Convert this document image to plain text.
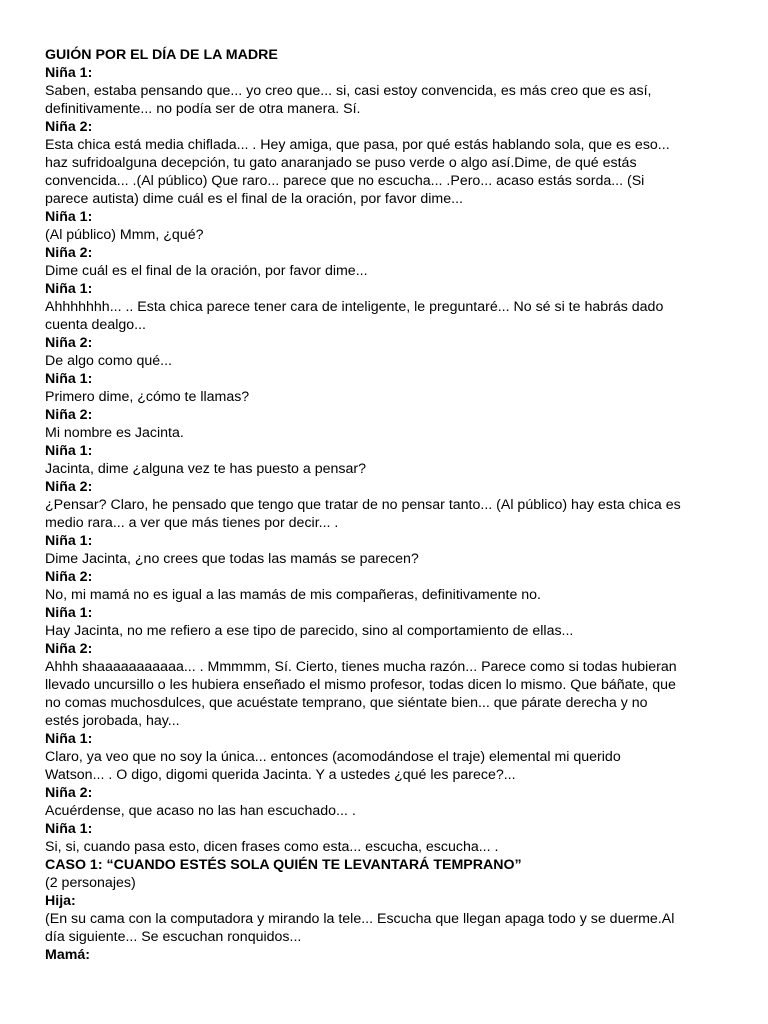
GUIÓN POR EL DÍA DE LA MADRE
Niña 1:
Saben, estaba pensando que... yo creo que... si, casi estoy convencida, es más creo que es así,
definitivamente... no podía ser de otra manera. Sí.
Niña 2:
Esta chica está media chiflada... . Hey amiga, que pasa, por qué estás hablando sola, que es eso...
haz sufridoalguna decepción, tu gato anaranjado se puso verde o algo así.Dime, de qué estás
convencida... .(Al público) Que raro... parece que no escucha... .Pero... acaso estás sorda... (Si
parece autista) dime cuál es el final de la oración, por favor dime...
Niña 1:
(Al público) Mmm, ¿qué?
Niña 2:
Dime cuál es el final de la oración, por favor dime...
Niña 1:
Ahhhhhhh... .. Esta chica parece tener cara de inteligente, le preguntaré... No sé si te habrás dado
cuenta dealgo...
Niña 2:
De algo como qué...
Niña 1:
Primero dime, ¿cómo te llamas?
Niña 2:
Mi nombre es Jacinta.
Niña 1:
Jacinta, dime ¿alguna vez te has puesto a pensar?
Niña 2:
¿Pensar? Claro, he pensado que tengo que tratar de no pensar tanto... (Al público) hay esta chica es
medio rara... a ver que más tienes por decir... .
Niña 1:
Dime Jacinta, ¿no crees que todas las mamás se parecen?
Niña 2:
No, mi mamá no es igual a las mamás de mis compañeras, definitivamente no.
Niña 1:
Hay Jacinta, no me refiero a ese tipo de parecido, sino al comportamiento de ellas...
Niña 2:
Ahhh shaaaaaaaaaaa... . Mmmmm, Sí. Cierto, tienes mucha razón... Parece como si todas hubieran
llevado uncursillo o les hubiera enseñado el mismo profesor, todas dicen lo mismo. Que báñate, que
no comas muchosdulces, que acuéstate temprano, que siéntate bien... que párate derecha y no
estés jorobada, hay...
Niña 1:
Claro, ya veo que no soy la única... entonces (acomodándose el traje) elemental mi querido
Watson... . O digo, digomi querida Jacinta. Y a ustedes ¿qué les parece?...
Niña 2:
Acuérdense, que acaso no las han escuchado... .
Niña 1:
Si, si, cuando pasa esto, dicen frases como esta... escucha, escucha... .
CASO 1: “CUANDO ESTÉS SOLA QUIÉN TE LEVANTARÁ TEMPRANO”
(2 personajes)
Hija:
(En su cama con la computadora y mirando la tele... Escucha que llegan apaga todo y se duerme.Al
día siguiente... Se escuchan ronquidos...
Mamá:
